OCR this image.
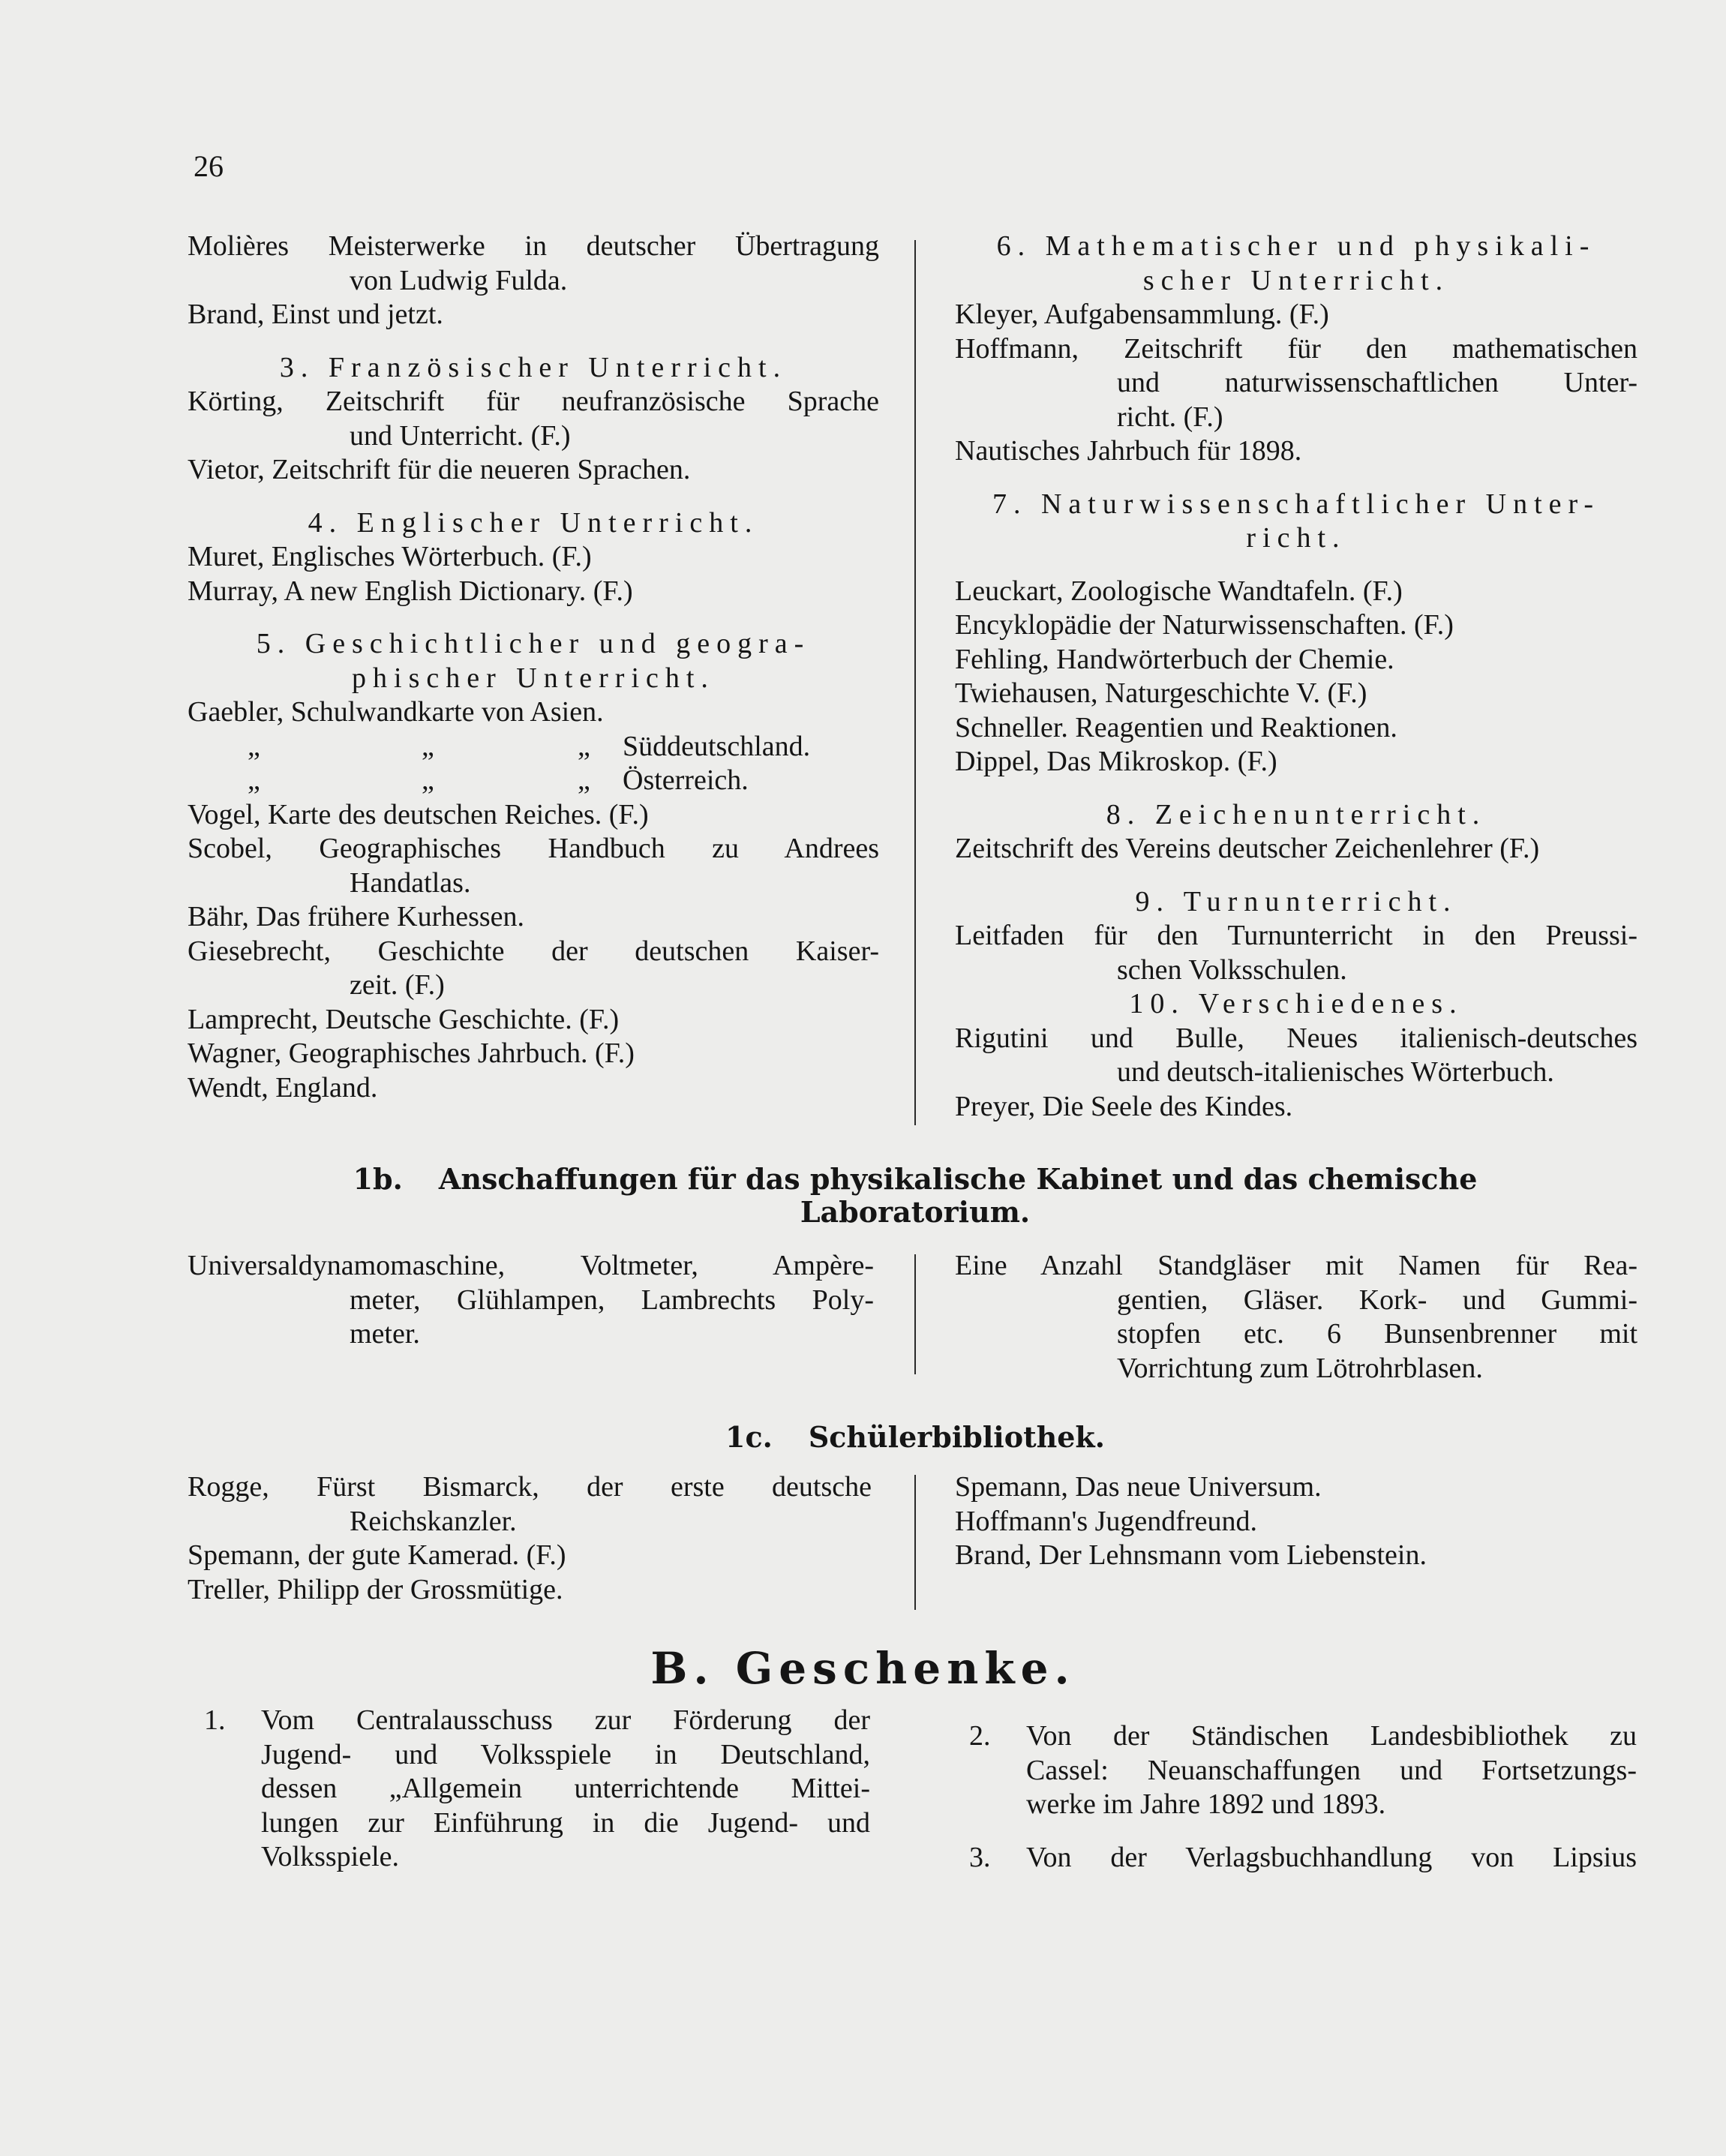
26

Molières Meisterwerke in deutscher Übertragung

von Ludwig Fulda.

Brand, Einst und jetzt.

3. Französischer Unterricht.

Körting, Zeitschrift für neufranzösische Sprache

und Unterricht. (F.)

Vietor, Zeitschrift für die neueren Sprachen.

4. Englischer Unterricht.

Muret, Englisches Wörterbuch. (F.)

Murray, A new English Dictionary. (F.)

5. Geschichtlicher und geogra-

phischer Unterricht.

Gaebler, Schulwandkarte von Asien.

„	„	„ Süddeutschland.

„	„	„ Österreich.

Vogel, Karte des deutschen Reiches. (F.)

Scobel, Geographisches Handbuch zu Andrees

Handatlas.

Bähr, Das frühere Kurhessen.

Giesebrecht, Geschichte der deutschen Kaiser-

zeit. (F.)

Lamprecht, Deutsche Geschichte. (F.)

Wagner, Geographisches Jahrbuch. (F.)

Wendt, England.

6. Mathematischer und physikali-

scher Unterricht.

Kleyer, Aufgabensammlung. (F.)

Hoffmann, Zeitschrift für den mathematischen

und naturwissenschaftlichen Unter-

richt. (F.)

Nautisches Jahrbuch für 1898.

7. Naturwissenschaftlicher Unter-

richt.

Leuckart, Zoologische Wandtafeln. (F.)

Encyklopädie der Naturwissenschaften. (F.)

Fehling, Handwörterbuch der Chemie.

Twiehausen, Naturgeschichte V. (F.)

Schneller. Reagentien und Reaktionen.

Dippel, Das Mikroskop. (F.)

8. Zeichenunterricht.

Zeitschrift des Vereins deutscher Zeichenlehrer (F.)

9. Turnunterricht.

Leitfaden für den Turnunterricht in den Preussi-

schen Volksschulen.

10. Verschiedenes.

Rigutini und Bulle, Neues italienisch-deutsches

und deutsch-italienisches Wörterbuch.

Preyer, Die Seele des Kindes.

1b. Anschaffungen für das physikalische Kabinet und das chemische
Laboratorium.

Universaldynamomaschine, Voltmeter, Ampère-

meter, Glühlampen, Lambrechts Poly-

meter.

Eine Anzahl Standgläser mit Namen für Rea-

gentien, Gläser. Kork- und Gummi-

stopfen etc. 6 Bunsenbrenner mit

Vorrichtung zum Lötrohrblasen.

1c. Schülerbibliothek.

Rogge, Fürst Bismarck, der erste deutsche

Reichskanzler.

Spemann, der gute Kamerad. (F.)

Treller, Philipp der Grossmütige.

Spemann, Das neue Universum.

Hoffmann's Jugendfreund.

Brand, Der Lehnsmann vom Liebenstein.

B. Geschenke.

1. Vom Centralausschuss zur Förderung der

Jugend- und Volksspiele in Deutschland,

dessen „Allgemein unterrichtende Mittei-

lungen zur Einführung in die Jugend- und

Volksspiele.

2. Von der Ständischen Landesbibliothek zu

Cassel: Neuanschaffungen und Fortsetzungs-

werke im Jahre 1892 und 1893.

3. Von der Verlagsbuchhandlung von Lipsius
